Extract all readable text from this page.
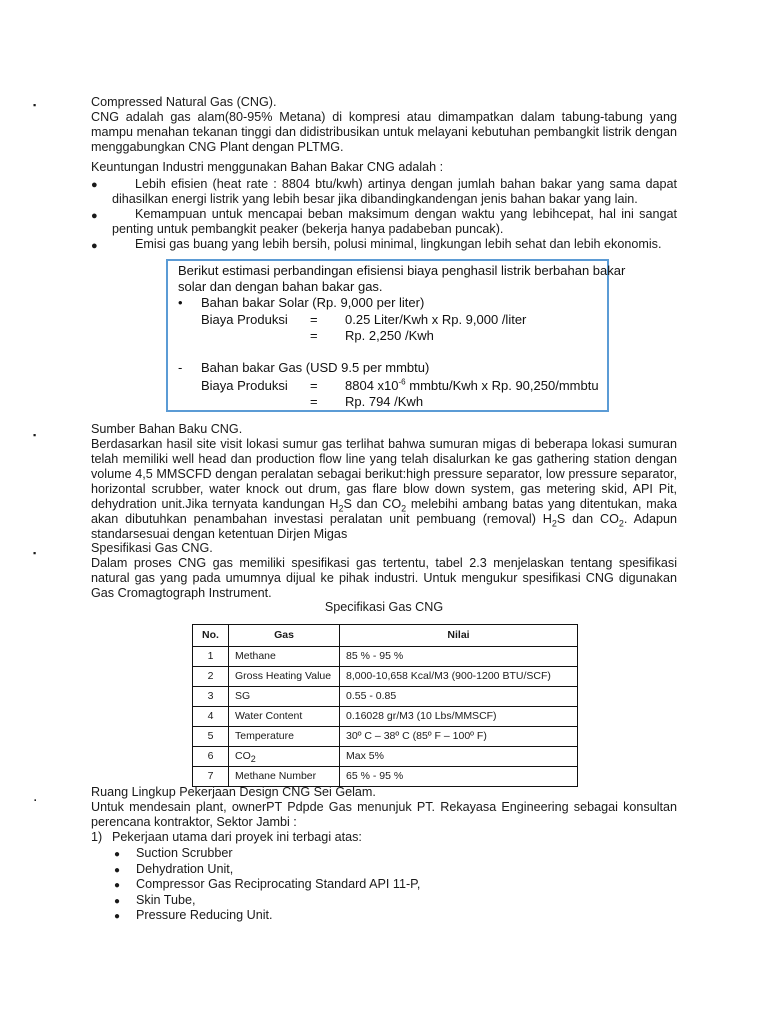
▪	Compressed Natural Gas (CNG).
CNG adalah gas alam(80-95% Metana) di kompresi atau dimampatkan dalam tabung-tabung yang
mampu menahan tekanan tinggi dan didistribusikan untuk melayani kebutuhan pembangkit listrik dengan
menggabungkan CNG Plant dengan PLTMG.
Keuntungan Industri menggunakan Bahan Bakar CNG adalah :
●	Lebih efisien (heat rate : 8804 btu/kwh) artinya dengan jumlah bahan bakar yang sama dapat
dihasilkan energi listrik yang lebih besar jika dibandingkandengan jenis bahan bakar yang lain.
●	Kemampuan untuk mencapai beban maksimum dengan waktu yang lebihcepat, hal ini sangat
penting untuk pembangkit peaker (bekerja hanya padabeban puncak).
●	Emisi gas buang yang lebih bersih, polusi minimal, lingkungan lebih sehat dan lebih ekonomis.
Berikut estimasi perbandingan efisiensi biaya penghasil listrik berbahan bakar
solar dan dengan bahan bakar gas.
• Bahan bakar Solar (Rp. 9,000 per liter)
Biaya Produksi = 0.25 Liter/Kwh x Rp. 9,000 /liter
= Rp. 2,250 /Kwh
- Bahan bakar Gas (USD 9.5 per mmbtu)
Biaya Produksi = 8804 $x10^{-6}$ mmbtu/Kwh x Rp. 90,250/mmbtu
= Rp. 794 /Kwh
▪	Sumber Bahan Baku CNG.
Berdasarkan hasil site visit lokasi sumur gas terlihat bahwa sumuran migas di beberapa lokasi sumuran
telah memiliki well head dan production flow line yang telah disalurkan ke gas gathering station dengan
volume 4,5 MMSCFD dengan peralatan sebagai berikut:high pressure separator, low pressure separator,
horizontal scrubber, water knock out drum, gas flare blow down system, gas metering skid, API Pit,
dehydration unit.Jika ternyata kandungan $H_2S$ dan $CO_2$ melebihi ambang batas yang ditentukan, maka
akan dibutuhkan penambahan investasi peralatan unit pembuang (removal) $H_2S$ dan $CO_2$. Adapun
standarsesuai dengan ketentuan Dirjen Migas
▪	Spesifikasi Gas CNG.
Dalam proses CNG gas memiliki spesifikasi gas tertentu, tabel 2.3 menjelaskan tentang spesifikasi
natural gas yang pada umumnya dijual ke pihak industri. Untuk mengukur spesifikasi CNG digunakan
Gas Cromagtograph Instrument.
Specifikasi Gas CNG
No.	Gas	Nilai
1	Methane	85 % - 95 %
2	Gross Heating Value	8,000-10,658 Kcal/M3 (900-1200 BTU/SCF)
3	SG	0.55 - 0.85
4	Water Content	0.16028 gr/M3 (10 Lbs/MMSCF)
5	Temperature	30º C – 38º C (85º F – 100º F)
6	CO2	Max 5%
7	Methane Number	65 % - 95 %
.	Ruang Lingkup Pekerjaan Design CNG Sei Gelam.
Untuk mendesain plant, ownerPT Pdpde Gas menunjuk PT. Rekayasa Engineering sebagai konsultan
perencana kontraktor, Sektor Jambi :
1) Pekerjaan utama dari proyek ini terbagi atas:
● Suction Scrubber
● Dehydration Unit,
● Compressor Gas Reciprocating Standard API 11-P,
● Skin Tube,
● Pressure Reducing Unit.
